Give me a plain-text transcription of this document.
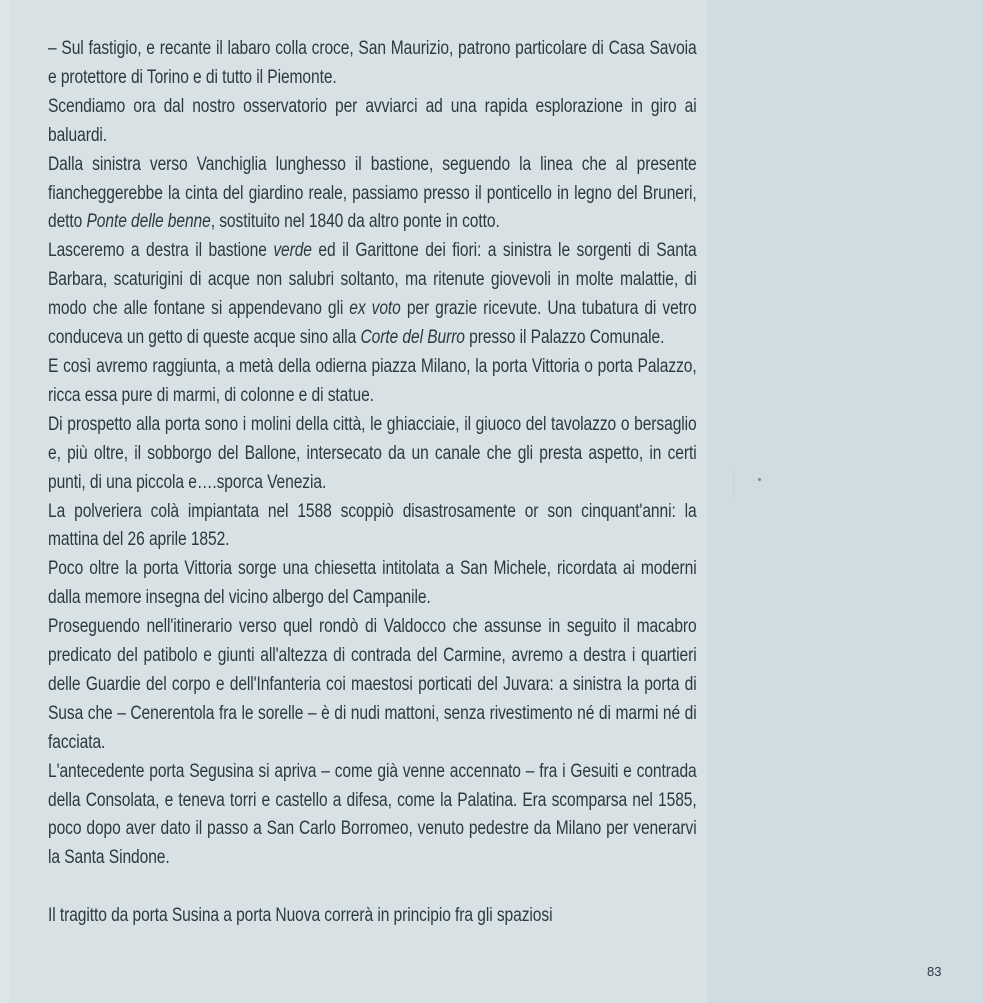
– Sul fastigio, e recante il labaro colla croce, San Maurizio, patrono particolare di Casa Savoia e protettore di Torino e di tutto il Piemonte.
Scendiamo ora dal nostro osservatorio per avviarci ad una rapida esplorazione in giro ai baluardi.
Dalla sinistra verso Vanchiglia lunghesso il bastione, seguendo la linea che al presente fiancheggerebbe la cinta del giardino reale, passiamo presso il ponticello in legno del Bruneri, detto Ponte delle benne, sostituito nel 1840 da altro ponte in cotto.
Lasceremo a destra il bastione verde ed il Garittone dei fiori: a sinistra le sorgenti di Santa Barbara, scaturigini di acque non salubri soltanto, ma ritenute giovevoli in molte malattie, di modo che alle fontane si appendevano gli ex voto per grazie ricevute. Una tubatura di vetro conduceva un getto di queste acque sino alla Corte del Burro presso il Palazzo Comunale.
E così avremo raggiunta, a metà della odierna piazza Milano, la porta Vittoria o porta Palazzo, ricca essa pure di marmi, di colonne e di statue.
Di prospetto alla porta sono i molini della città, le ghiacciaie, il giuoco del tavolazzo o bersaglio e, più oltre, il sobborgo del Ballone, intersecato da un canale che gli presta aspetto, in certi punti, di una piccola e….sporca Venezia.
La polveriera colà impiantata nel 1588 scoppiò disastrosamente or son cinquant'anni: la mattina del 26 aprile 1852.
Poco oltre la porta Vittoria sorge una chiesetta intitolata a San Michele, ricordata ai moderni dalla memore insegna del vicino albergo del Campanile.
Proseguendo nell'itinerario verso quel rondò di Valdocco che assunse in seguito il macabro predicato del patibolo e giunti all'altezza di contrada del Carmine, avremo a destra i quartieri delle Guardie del corpo e dell'Infanteria coi maestosi porticati del Juvara: a sinistra la porta di Susa che – Cenerentola fra le sorelle – è di nudi mattoni, senza rivestimento né di marmi né di facciata.
L'antecedente porta Segusina si apriva – come già venne accennato – fra i Gesuiti e contrada della Consolata, e teneva torri e castello a difesa, come la Palatina. Era scomparsa nel 1585, poco dopo aver dato il passo a San Carlo Borromeo, venuto pedestre da Milano per venerarvi la Santa Sindone.
Il tragitto da porta Susina a porta Nuova correrà in principio fra gli spaziosi
83
